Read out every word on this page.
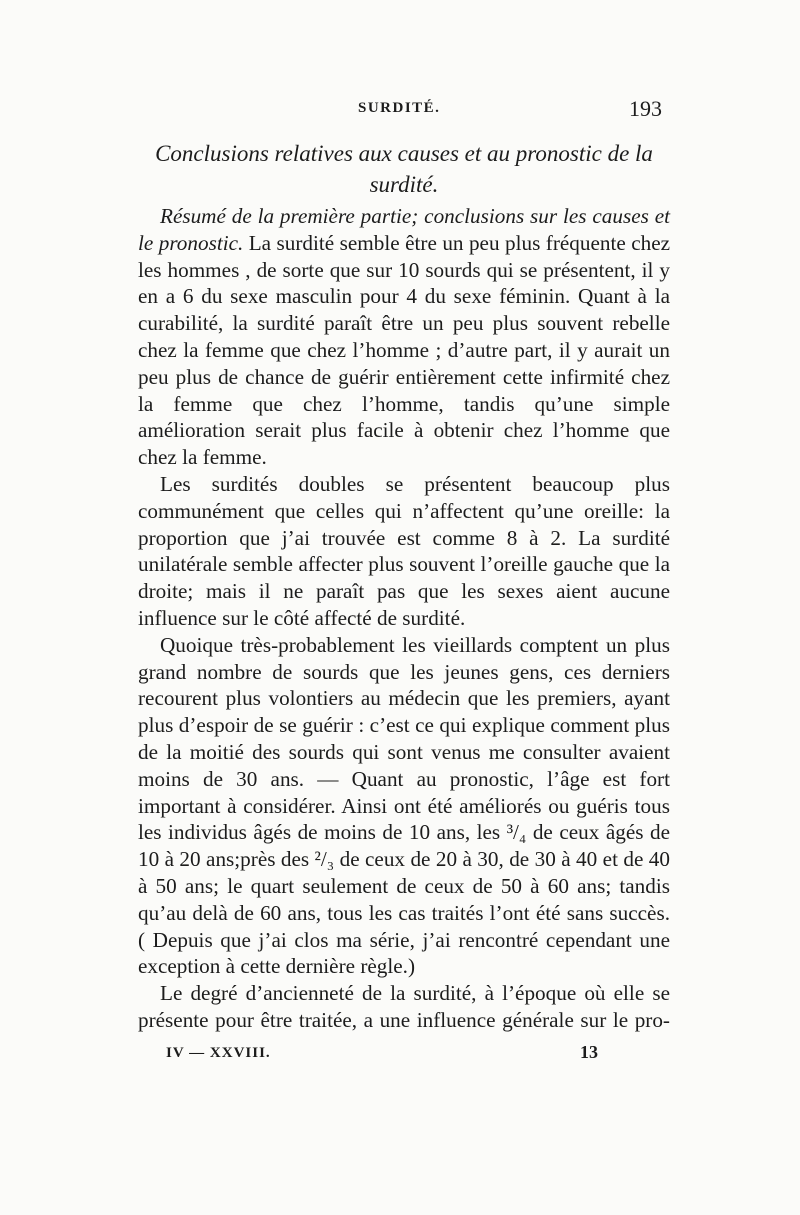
SURDITÉ.	193
Conclusions relatives aux causes et au pronostic de la
surdité.

Résumé de la première partie; conclusions sur les causes et le pronostic. La surdité semble être un peu plus fréquente chez les hommes , de sorte que sur 10 sourds qui se présentent, il y en a 6 du sexe masculin pour 4 du sexe féminin. Quant à la curabilité, la surdité paraît être un peu plus souvent rebelle chez la femme que chez l’homme ; d’autre part, il y aurait un peu plus de chance de guérir entièrement cette infirmité chez la femme que chez l’homme, tandis qu’une simple amélioration serait plus facile à obtenir chez l’homme que chez la femme.

Les surdités doubles se présentent beaucoup plus communément que celles qui n’affectent qu’une oreille: la proportion que j’ai trouvée est comme 8 à 2. La surdité unilatérale semble affecter plus souvent l’oreille gauche que la droite; mais il ne paraît pas que les sexes aient aucune influence sur le côté affecté de surdité.

Quoique très-probablement les vieillards comptent un plus grand nombre de sourds que les jeunes gens, ces derniers recourent plus volontiers au médecin que les premiers, ayant plus d’espoir de se guérir : c’est ce qui explique comment plus de la moitié des sourds qui sont venus me consulter avaient moins de 30 ans. — Quant au pronostic, l’âge est fort important à considérer. Ainsi ont été améliorés ou guéris tous les individus âgés de moins de 10 ans, les ³/₄ de ceux âgés de 10 à 20 ans;près des ²/₃ de ceux de 20 à 30, de 30 à 40 et de 40 à 50 ans; le quart seulement de ceux de 50 à 60 ans; tandis qu’au delà de 60 ans, tous les cas traités l’ont été sans succès. ( Depuis que j’ai clos ma série, j’ai rencontré cependant une exception à cette dernière règle.)

Le degré d’ancienneté de la surdité, à l’époque où elle se présente pour être traitée, a une influence générale sur le pro-

IV — XXVIII.	13
